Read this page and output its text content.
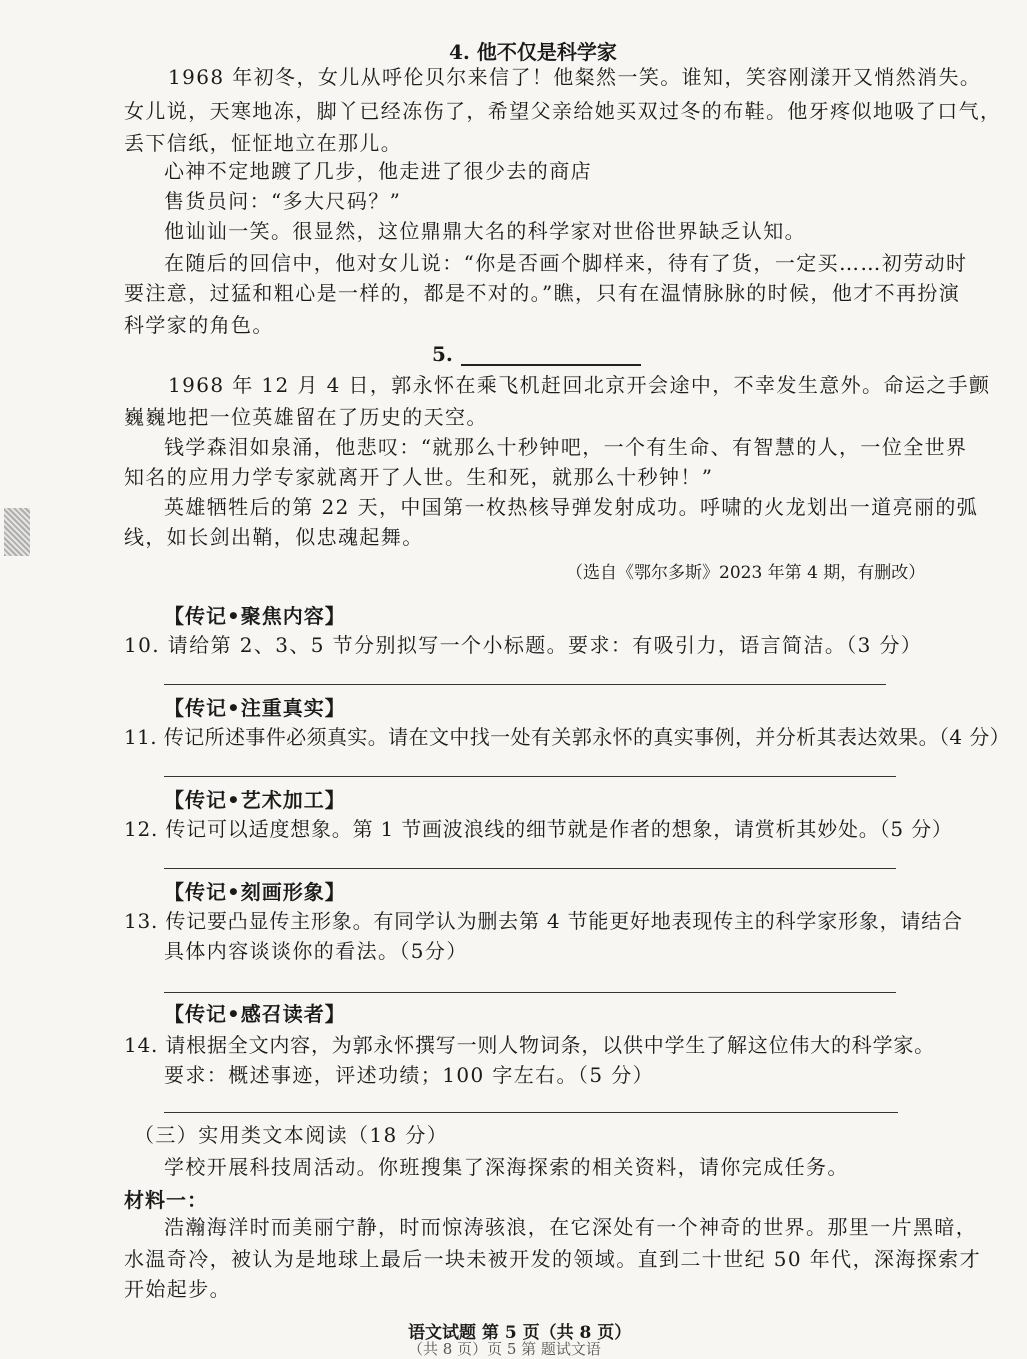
4. 他不仅是科学家
1968 年初冬，女儿从呼伦贝尔来信了！他粲然一笑。谁知，笑容刚漾开又悄然消失。
女儿说，天寒地冻，脚丫已经冻伤了，希望父亲给她买双过冬的布鞋。他牙疼似地吸了口气，
丢下信纸，怔怔地立在那儿。
心神不定地踱了几步，他走进了很少去的商店
售货员问：“多大尺码？”
他讪讪一笑。很显然，这位鼎鼎大名的科学家对世俗世界缺乏认知。
在随后的回信中，他对女儿说：“你是否画个脚样来，待有了货，一定买……初劳动时
要注意，过猛和粗心是一样的，都是不对的。”瞧，只有在温情脉脉的时候，他才不再扮演
科学家的角色。
5.
1968 年 12 月 4 日，郭永怀在乘飞机赶回北京开会途中，不幸发生意外。命运之手颤
巍巍地把一位英雄留在了历史的天空。
钱学森泪如泉涌，他悲叹：“就那么十秒钟吧，一个有生命、有智慧的人，一位全世界
知名的应用力学专家就离开了人世。生和死，就那么十秒钟！”
英雄牺牲后的第 22 天，中国第一枚热核导弹发射成功。呼啸的火龙划出一道亮丽的弧
线，如长剑出鞘，似忠魂起舞。
（选自《鄂尔多斯》2023 年第 4 期，有删改）
【传记•聚焦内容】
10. 请给第 2、3、5 节分别拟写一个小标题。要求：有吸引力，语言简洁。（3 分）
【传记•注重真实】
11. 传记所述事件必须真实。请在文中找一处有关郭永怀的真实事例，并分析其表达效果。（4 分）
【传记•艺术加工】
12. 传记可以适度想象。第 1 节画波浪线的细节就是作者的想象，请赏析其妙处。（5 分）
【传记•刻画形象】
13. 传记要凸显传主形象。有同学认为删去第 4 节能更好地表现传主的科学家形象，请结合
具体内容谈谈你的看法。（5分）
【传记•感召读者】
14. 请根据全文内容，为郭永怀撰写一则人物词条，以供中学生了解这位伟大的科学家。
要求：概述事迹，评述功绩；100 字左右。（5 分）
（三）实用类文本阅读（18 分）
学校开展科技周活动。你班搜集了深海探索的相关资料，请你完成任务。
材料一：
浩瀚海洋时而美丽宁静，时而惊涛骇浪，在它深处有一个神奇的世界。那里一片黑暗，
水温奇冷，被认为是地球上最后一块未被开发的领域。直到二十世纪 50 年代，深海探索才
开始起步。
语文试题 第 5 页（共 8 页）
（共 8 页）页 5 第 题试文语
